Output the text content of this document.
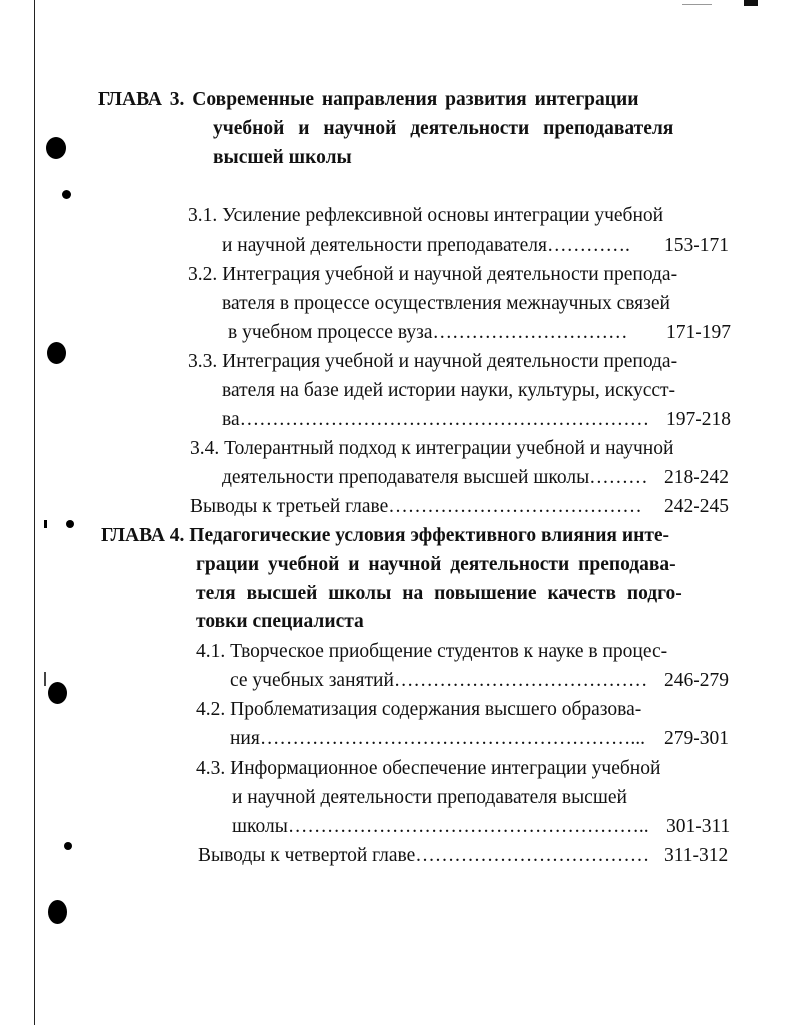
ГЛАВА 3. Современные направления развития интеграции
учебной и научной деятельности преподавателя
высшей школы
3.1. Усиление рефлексивной основы интеграции учебной
и научной деятельности преподавателя…………. 153-171
3.2. Интеграция учебной и научной деятельности препода-
вателя в процессе осуществления межнаучных связей
в учебном процессе вуза………………………… 171-197
3.3. Интеграция учебной и научной деятельности препода-
вателя на базе идей истории науки, культуры, искусст-
ва……………………………………………………… 197-218
3.4. Толерантный подход к интеграции учебной и научной
деятельности преподавателя высшей школы……… 218-242
Выводы к третьей главе………………………………… 242-245
ГЛАВА 4. Педагогические условия эффективного влияния инте-
грации учебной и научной деятельности преподава-
теля высшей школы на повышение качеств подго-
товки специалиста
4.1. Творческое приобщение студентов к науке в процес-
се учебных занятий………………………………… 246-279
4.2. Проблематизация содержания высшего образова-
ния…………………………………………………... 279-301
4.3. Информационное обеспечение интеграции учебной
и научной деятельности преподавателя высшей
школы……………………………………………….. 301-311
Выводы к четвертой главе……………………………… 311-312
